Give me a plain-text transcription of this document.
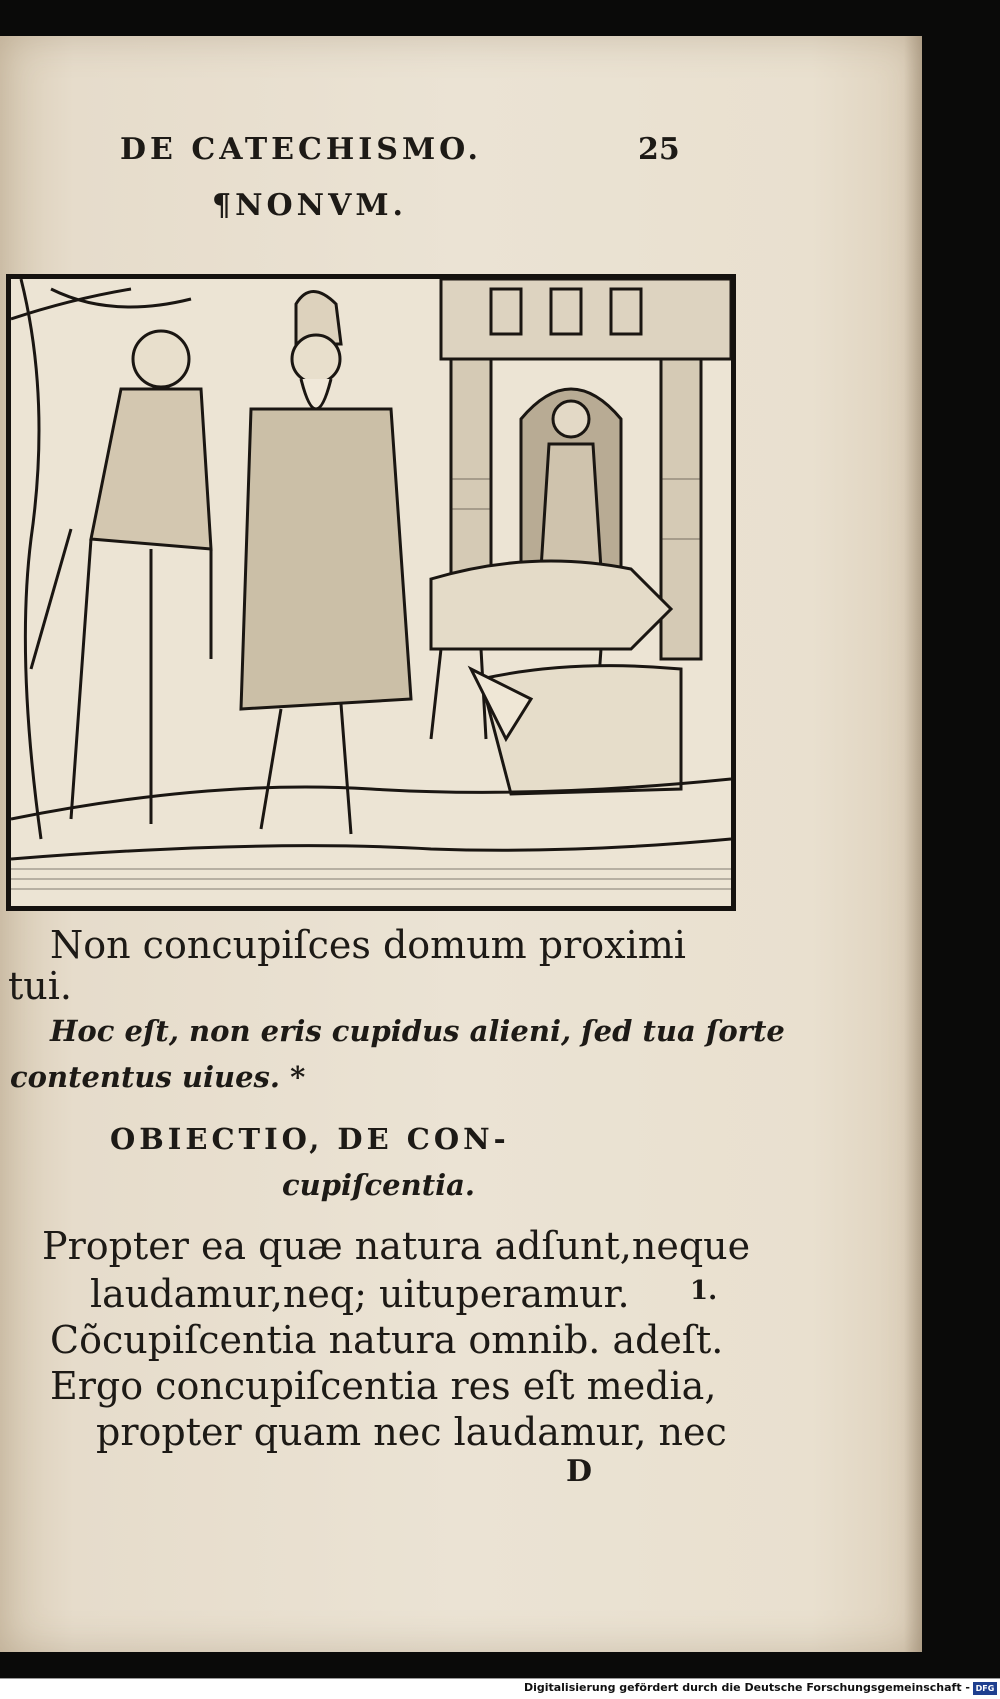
DE CATECHISMO.	25
¶NONVM.
Non concupiſces domum proximi
tui.
Hoc eſt, non eris cupidus alieni, ſed tua ſorte
contentus uiues. *
OBIECTIO, DE CON-
cupiſcentia.
Propter ea quæ natura adſunt,neque
laudamur,neq; uituperamur. 1.
Cõcupiſcentia natura omnib. adeſt.
Ergo concupiſcentia res eſt media,
propter quam nec laudamur, nec
D
Digitalisierung gefördert durch die Deutsche Forschungsgemeinschaft - DFG
